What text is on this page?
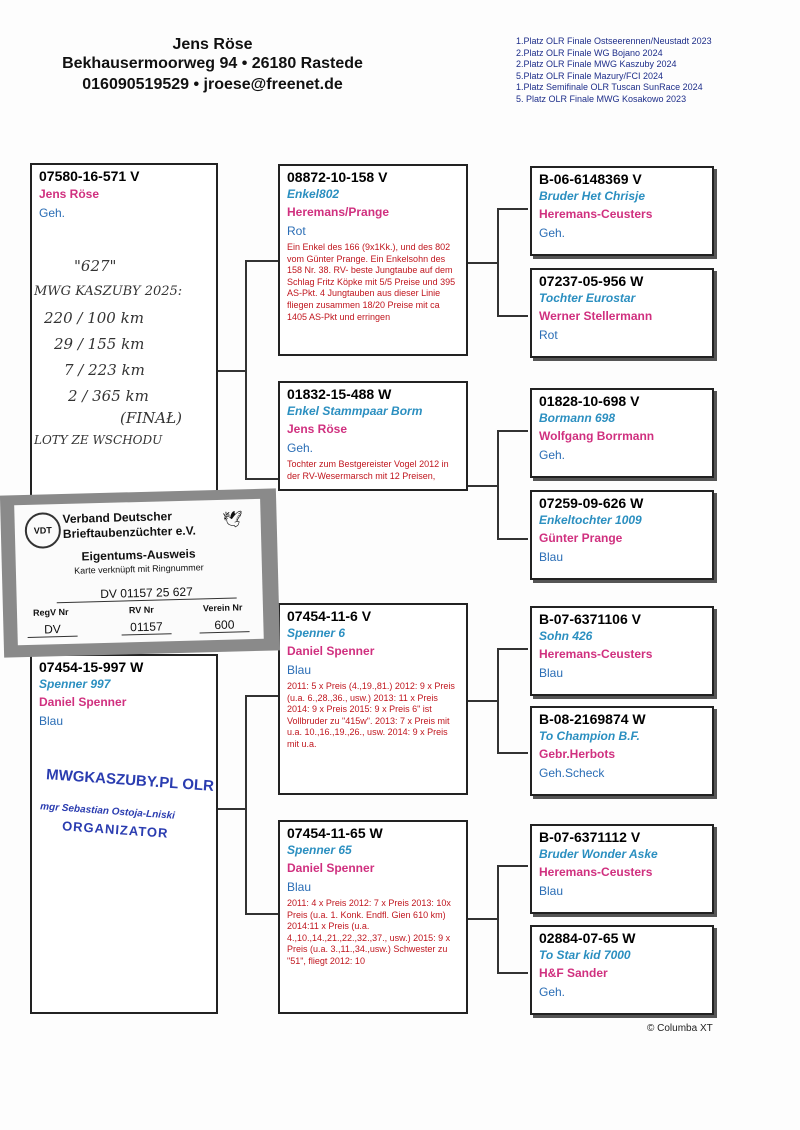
Jens Röse
Bekhausermoorweg 94 • 26180 Rastede
016090519529 • jroese@freenet.de
1.Platz OLR Finale Ostseerennen/Neustadt 2023
2.Platz OLR Finale WG Bojano 2024
2.Platz OLR Finale MWG Kaszuby 2024
5.Platz OLR Finale Mazury/FCI 2024
1.Platz Semifinale OLR Tuscan SunRace 2024
5. Platz OLR Finale MWG Kosakowo 2023
07580-16-571 V
Jens Röse
Geh.
"627"
MWG KASZUBY 2025:
220 / 100 km
29 / 155 km
7 / 223 km
2 / 365 km
(FINAŁ)
LOTY ZE WSCHODU
07454-15-997 W
Spenner 997
Daniel Spenner
Blau
MWGKASZUBY.PL OLR
mgr Sebastian Ostoja-Lniski
ORGANIZATOR
08872-10-158 V
Enkel802
Heremans/Prange
Rot
Ein Enkel des 166 (9x1Kk.), und des 802 vom Günter Prange. Ein Enkelsohn des 158 Nr. 38. RV- beste Jungtaube auf dem Schlag Fritz Köpke mit 5/5 Preise und 395 AS-Pkt. 4 Jungtauben aus dieser Linie fliegen zusammen 18/20 Preise mit ca 1405 AS-Pkt und erringen
01832-15-488 W
Enkel Stammpaar Borm
Jens Röse
Geh.
Tochter zum Bestgereister Vogel 2012 in der RV-Wesermarsch mit 12 Preisen,
07454-11-6 V
Spenner 6
Daniel Spenner
Blau
2011: 5 x Preis (4.,19.,81.) 2012: 9 x Preis (u.a. 6.,28.,36., usw.) 2013: 11 x Preis 2014: 9 x Preis 2015: 9 x Preis 6" ist Vollbruder zu "415w". 2013: 7 x Preis mit u.a. 10.,16.,19.,26., usw. 2014: 9 x Preis mit u.a.
07454-11-65 W
Spenner 65
Daniel Spenner
Blau
2011: 4 x Preis 2012: 7 x Preis 2013: 10x Preis (u.a. 1. Konk. Endfl. Gien 610 km) 2014:11 x Preis (u.a. 4.,10.,14.,21.,22.,32.,37., usw.) 2015: 9 x Preis (u.a. 3.,11.,34.,usw.) Schwester zu "51", fliegt 2012: 10
B-06-6148369 V
Bruder Het Chrisje
Heremans-Ceusters
Geh.
07237-05-956 W
Tochter Eurostar
Werner Stellermann
Rot
01828-10-698 V
Bormann 698
Wolfgang Borrmann
Geh.
07259-09-626 W
Enkeltochter 1009
Günter Prange
Blau
B-07-6371106 V
Sohn 426
Heremans-Ceusters
Blau
B-08-2169874 W
To Champion B.F.
Gebr.Herbots
Geh.Scheck
B-07-6371112 V
Bruder Wonder Aske
Heremans-Ceusters
Blau
02884-07-65 W
To Star kid 7000
H&F Sander
Geh.
VDT
Verband Deutscher
Brieftaubenzüchter e.V.
🕊
Eigentums-Ausweis
Karte verknüpft mit Ringnummer
DV 01157 25 627
RegV Nr	RV Nr	Verein Nr
DV	01157	600
© Columba XT
